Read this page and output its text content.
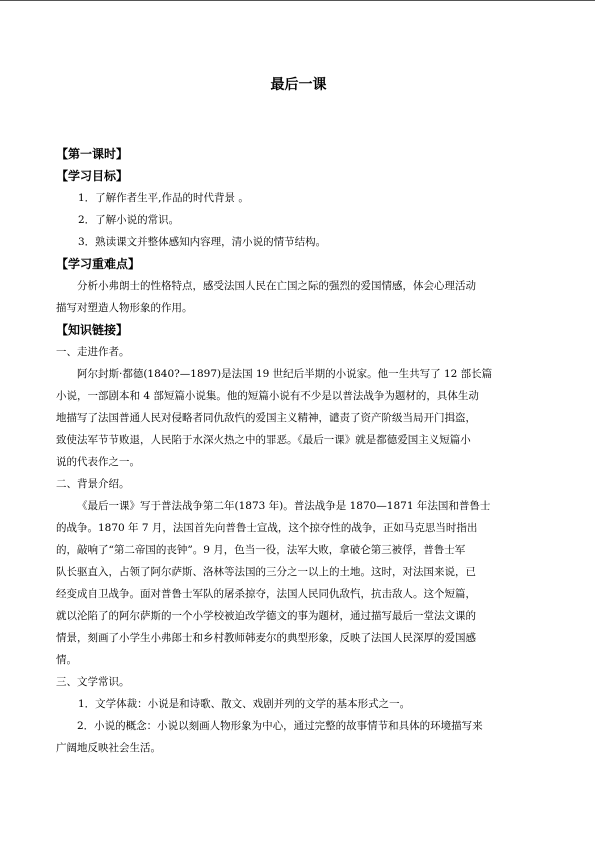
最后一课
【第一课时】
【学习目标】
1．了解作者生平,作品的时代背景 。
2．了解小说的常识。
3．熟读课文并整体感知内容理，清小说的情节结构。
【学习重难点】
分析小弗朗士的性格特点，感受法国人民在亡国之际的强烈的爱国情感，体会心理活动
描写对塑造人物形象的作用。
【知识链接】
一、走进作者。
阿尔封斯·都德(1840?—1897)是法国 19 世纪后半期的小说家。他一生共写了 12 部长篇
小说，一部剧本和 4 部短篇小说集。他的短篇小说有不少是以普法战争为题材的，具体生动
地描写了法国普通人民对侵略者同仇敌忾的爱国主义精神，谴责了资产阶级当局开门揖盗，
致使法军节节败退，人民陷于水深火热之中的罪恶。《最后一课》就是都德爱国主义短篇小
说的代表作之一。
二、背景介绍。
《最后一课》写于普法战争第二年(1873 年)。普法战争是 1870—1871 年法国和普鲁士
的战争。1870 年 7 月，法国首先向普鲁士宣战，这个掠夺性的战争，正如马克思当时指出
的，敲响了“第二帝国的丧钟”。9 月，色当一役，法军大败，拿破仑第三被俘，普鲁士军
队长驱直入，占领了阿尔萨斯、洛林等法国的三分之一以上的土地。这时，对法国来说，已
经变成自卫战争。面对普鲁士军队的屠杀掠夺，法国人民同仇敌忾，抗击敌人。这个短篇，
就以沦陷了的阿尔萨斯的一个小学校被迫改学德文的事为题材，通过描写最后一堂法文课的
情景，刻画了小学生小弗郎士和乡村教师韩麦尔的典型形象，反映了法国人民深厚的爱国感
情。
三、文学常识。
1．文学体裁：小说是和诗歌、散文、戏剧并列的文学的基本形式之一。
2．小说的概念：小说以刻画人物形象为中心，通过完整的故事情节和具体的环境描写来
广阔地反映社会生活。
